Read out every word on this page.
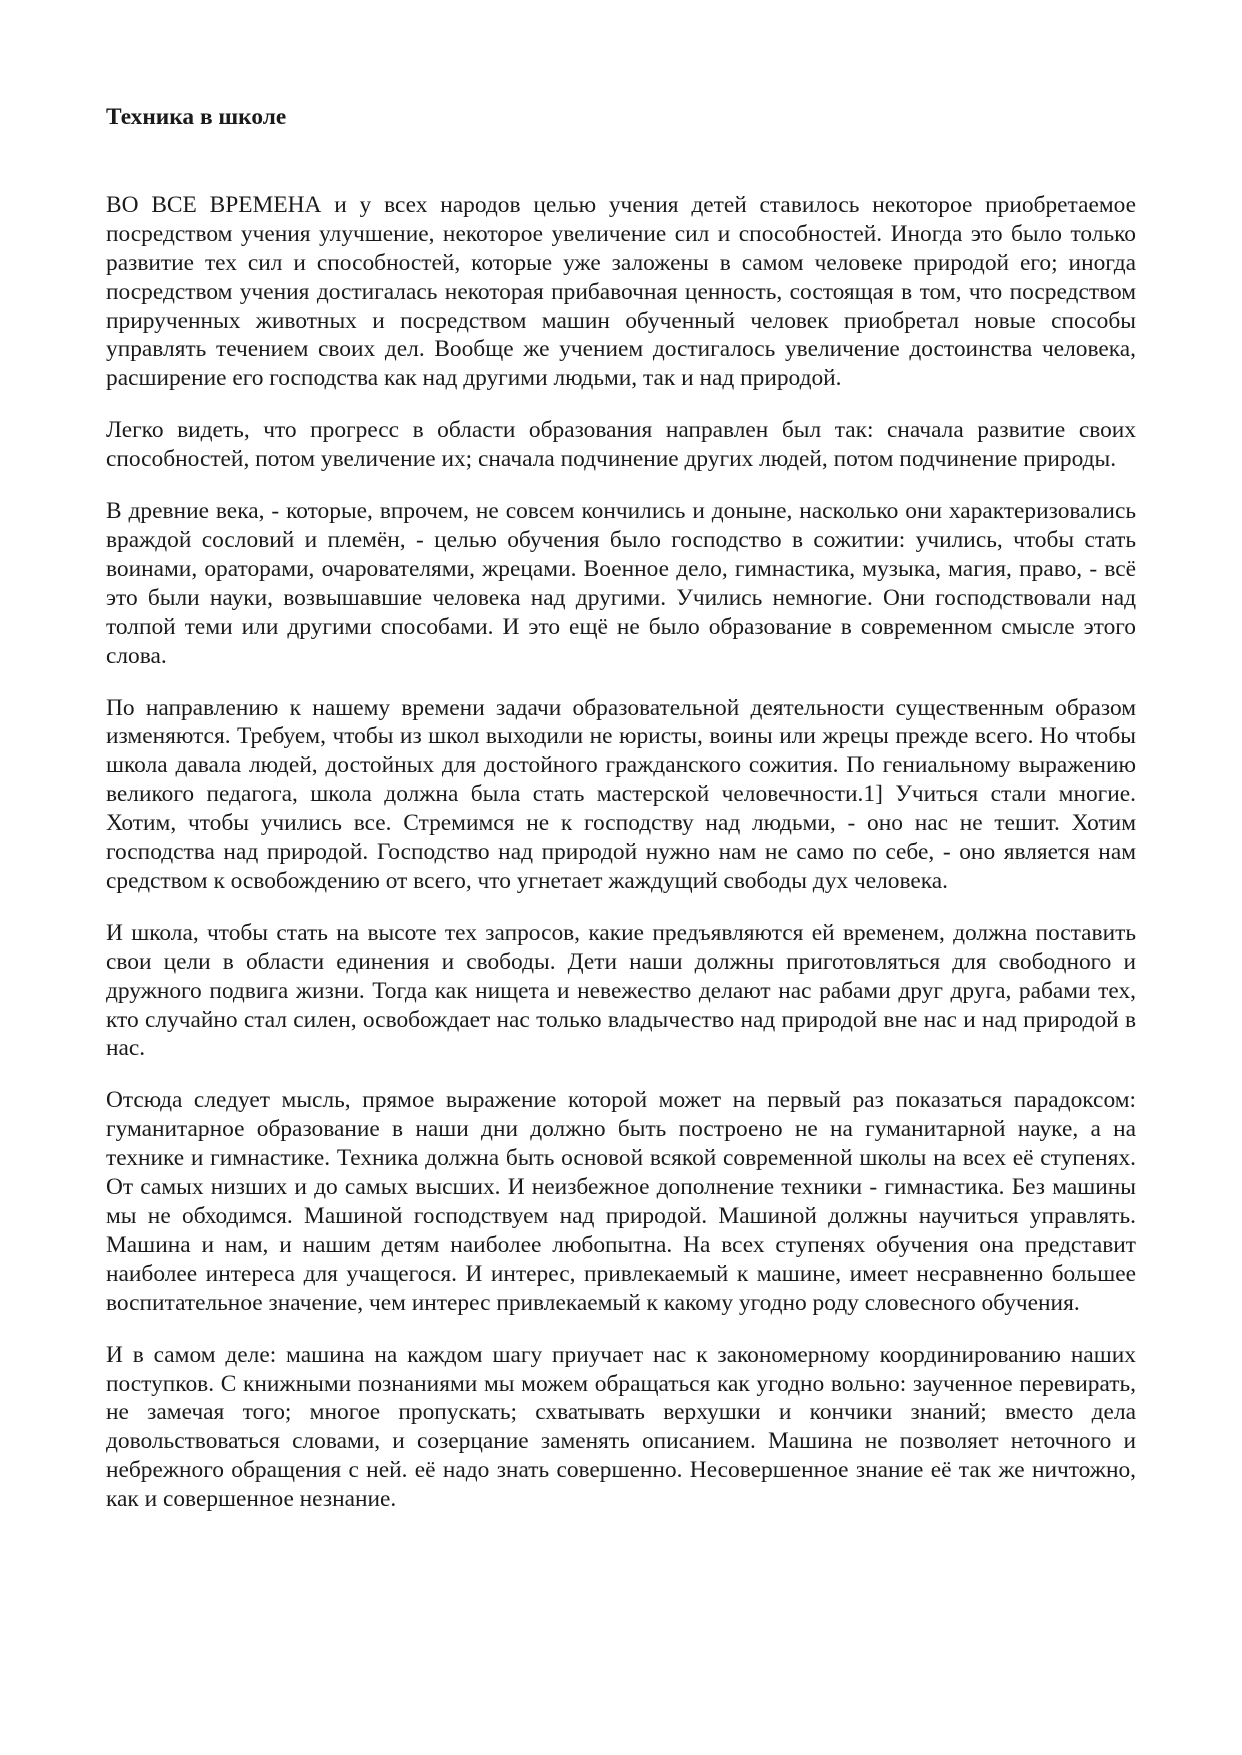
Техника в школе

ВО ВСЕ ВРЕМЕНА и у всех народов целью учения детей ставилось некоторое приобретаемое посредством учения улучшение, некоторое увеличение сил и способностей. Иногда это было только развитие тех сил и способностей, которые уже заложены в самом человеке природой его; иногда посредством учения достигалась некоторая прибавочная ценность, состоящая в том, что посредством прирученных животных и посредством машин обученный человек приобретал новые способы управлять течением своих дел. Вообще же учением достигалось увеличение достоинства человека, расширение его господства как над другими людьми, так и над природой.

Легко видеть, что прогресс в области образования направлен был так: сначала развитие своих способностей, потом увеличение их; сначала подчинение других людей, потом подчинение природы.

В древние века, - которые, впрочем, не совсем кончились и доныне, насколько они характеризовались враждой сословий и племён, - целью обучения было господство в сожитии: учились, чтобы стать воинами, ораторами, очарователями, жрецами. Военное дело, гимнастика, музыка, магия, право, - всё это были науки, возвышавшие человека над другими. Учились немногие. Они господствовали над толпой теми или другими способами. И это ещё не было образование в современном смысле этого слова.

По направлению к нашему времени задачи образовательной деятельности существенным образом изменяются. Требуем, чтобы из школ выходили не юристы, воины или жрецы прежде всего. Но чтобы школа давала людей, достойных для достойного гражданского сожития. По гениальному выражению великого педагога, школа должна была стать мастерской человечности.1] Учиться стали многие. Хотим, чтобы учились все. Стремимся не к господству над людьми, - оно нас не тешит. Хотим господства над природой. Господство над природой нужно нам не само по себе, - оно является нам средством к освобождению от всего, что угнетает жаждущий свободы дух человека.

И школа, чтобы стать на высоте тех запросов, какие предъявляются ей временем, должна поставить свои цели в области единения и свободы. Дети наши должны приготовляться для свободного и дружного подвига жизни. Тогда как нищета и невежество делают нас рабами друг друга, рабами тех, кто случайно стал силен, освобождает нас только владычество над природой вне нас и над природой в нас.

Отсюда следует мысль, прямое выражение которой может на первый раз показаться парадоксом: гуманитарное образование в наши дни должно быть построено не на гуманитарной науке, а на технике и гимнастике. Техника должна быть основой всякой современной школы на всех её ступенях. От самых низших и до самых высших. И неизбежное дополнение техники - гимнастика. Без машины мы не обходимся. Машиной господствуем над природой. Машиной должны научиться управлять. Машина и нам, и нашим детям наиболее любопытна. На всех ступенях обучения она представит наиболее интереса для учащегося. И интерес, привлекаемый к машине, имеет несравненно большее воспитательное значение, чем интерес привлекаемый к какому угодно роду словесного обучения.

И в самом деле: машина на каждом шагу приучает нас к закономерному координированию наших поступков. С книжными познаниями мы можем обращаться как угодно вольно: заученное перевирать, не замечая того; многое пропускать; схватывать верхушки и кончики знаний; вместо дела довольствоваться словами, и созерцание заменять описанием. Машина не позволяет неточного и небрежного обращения с ней. её надо знать совершенно. Несовершенное знание её так же ничтожно, как и совершенное незнание.
